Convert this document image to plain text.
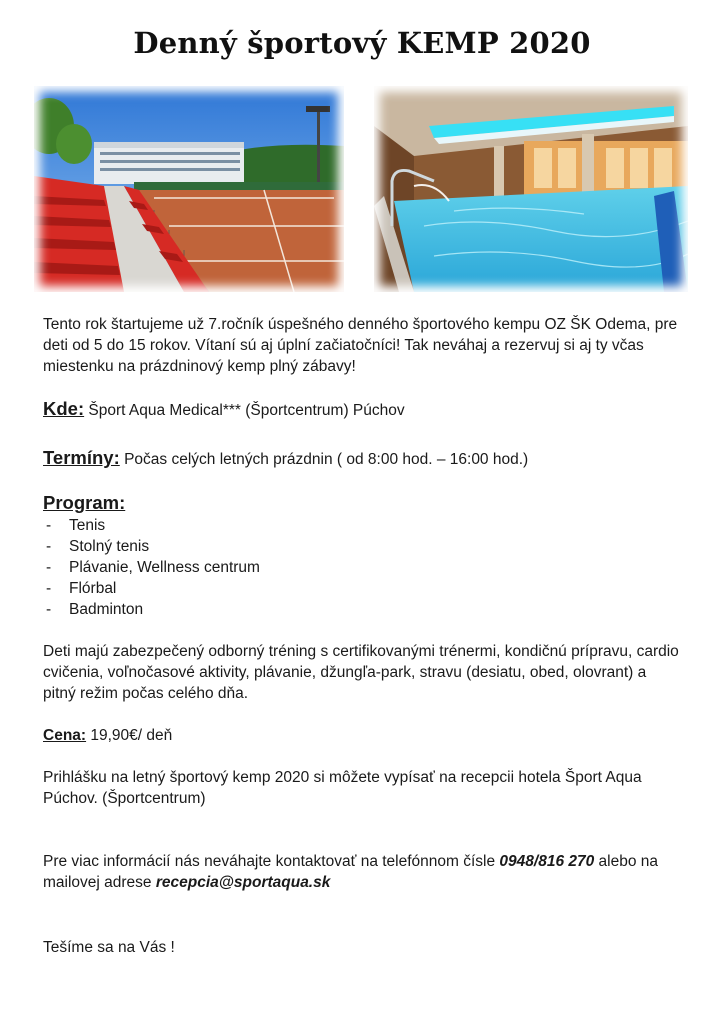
Denný športový KEMP 2020

Tento rok štartujeme už 7.ročník úspešného denného športového kempu OZ ŠK Odema, pre deti od 5 do 15 rokov. Vítaní sú aj úplní začiatočníci! Tak neváhaj a rezervuj si aj ty včas miestenku na prázdninový kemp plný zábavy!

Kde: Šport Aqua Medical*** (Športcentrum) Púchov

Termíny: Počas celých letných prázdnin ( od 8:00 hod. – 16:00 hod.)

Program:

-	Tenis
-	Stolný tenis
-	Plávanie, Wellness centrum
-	Flórbal
-	Badminton

Deti majú zabezpečený odborný tréning s certifikovanými trénermi, kondičnú prípravu, cardio cvičenia, voľnočasové aktivity, plávanie, džungľa-park, stravu (desiatu, obed, olovrant) a pitný režim počas celého dňa.

Cena: 19,90€/ deň

Prihlášku na letný športový kemp 2020 si môžete vypísať na recepcii hotela Šport Aqua Púchov. (Športcentrum)

Pre viac informácií nás neváhajte kontaktovať na telefónnom čísle 0948/816 270 alebo na mailovej adrese recepcia@sportaqua.sk

Tešíme sa na Vás !
